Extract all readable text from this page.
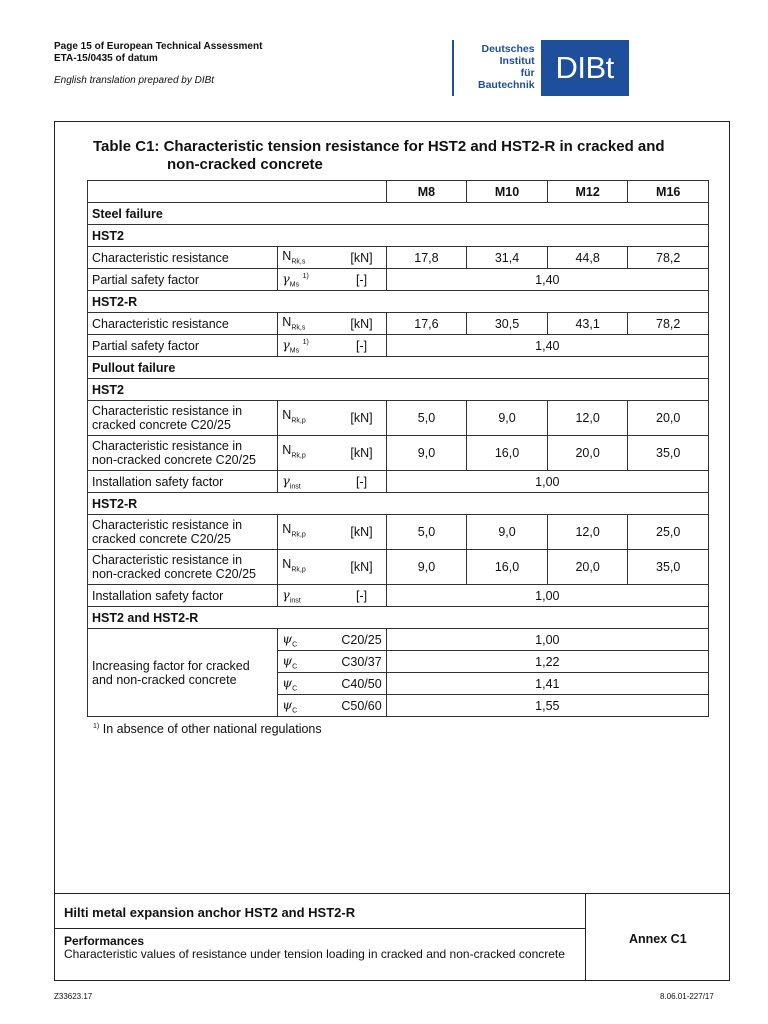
Page 15 of European Technical Assessment
ETA-15/0435 of datum
English translation prepared by DIBt
Deutsches
Institut
für
Bautechnik DIBt
Table C1: Characteristic tension resistance for HST2 and HST2-R in cracked and
non-cracked concrete
			M8	M10	M12	M16
Steel failure						
HST2						
Characteristic resistance	$N_{Rk,s}$	[kN]	17,8	31,4	44,8	78,2
Partial safety factor	$\gamma_{Ms}$ $^{1)}$	[-]	1,40			
HST2-R						
Characteristic resistance	$N_{Rk,s}$	[kN]	17,6	30,5	43,1	78,2
Partial safety factor	$\gamma_{Ms}$ $^{1)}$	[-]	1,40			
Pullout failure						
HST2						

Characteristic resistance in
cracked concrete C20/25	$N_{Rk,p}$	[kN]	5,0	9,0	12,0	20,0

Characteristic resistance in
non-cracked concrete C20/25	$N_{Rk,p}$	[kN]	9,0	16,0	20,0	35,0
Installation safety factor	$\gamma_{inst}$	[-]	1,00			
HST2-R						

Characteristic resistance in
cracked concrete C20/25	$N_{Rk,p}$	[kN]	5,0	9,0	12,0	25,0

Characteristic resistance in
non-cracked concrete C20/25	$N_{Rk,p}$	[kN]	9,0	16,0	20,0	35,0
Installation safety factor	$\gamma_{inst}$	[-]	1,00			
HST2 and HST2-R						

Increasing factor for cracked
and non-cracked concrete	$\psi_C$	C20/25	1,00			
	$\psi_C$	C30/37	1,22			
	$\psi_C$	C40/50	1,41			
	$\psi_C$	C50/60	1,55			
$^{1)}$ In absence of other national regulations
Hilti metal expansion anchor HST2 and HST2-R
Performances
Characteristic values of resistance under tension loading in cracked and non-cracked concrete
Annex C1
Z33623.17	8.06.01-227/17
